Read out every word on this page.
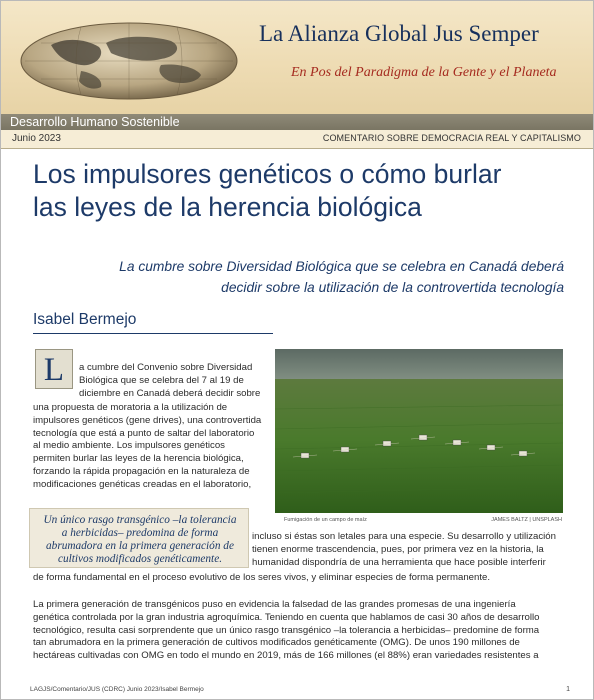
La Alianza Global Jus Semper
En Pos del Paradigma de la Gente y el Planeta
Desarrollo Humano Sostenible
Junio 2023	COMENTARIO SOBRE DEMOCRACIA REAL Y CAPITALISMO
Los impulsores genéticos o cómo burlar
las leyes de la herencia biológica

La cumbre sobre Diversidad Biológica que se celebra en Canadá deberá
decidir sobre la utilización de la controvertida tecnología

Isabel Bermejo
L	a cumbre del Convenio sobre Diversidad
Biológica que se celebra del 7 al 19 de
diciembre en Canadá deberá decidir sobre
una propuesta de moratoria a la utilización de
impulsores genéticos (gene drives), una controvertida
tecnología que está a punto de saltar del laboratorio
al medio ambiente. Los impulsores genéticos
permiten burlar las leyes de la herencia biológica,
forzando la rápida propagación en la naturaleza de
modificaciones genéticas creadas en el laboratorio,
Fumigación de un campo de maíz	JAMES BALTZ | UNSPLASH
Un único rasgo transgénico –la tolerancia
a herbicidas– predomina de forma
abrumadora en la primera generación de
cultivos modificados genéticamente.
incluso si éstas son letales para una especie. Su desarrollo y utilización
tienen enorme trascendencia, pues, por primera vez en la historia, la
humanidad dispondría de una herramienta que hace posible interferir
de forma fundamental en el proceso evolutivo de los seres vivos, y eliminar especies de forma permanente.
La primera generación de transgénicos puso en evidencia la falsedad de las grandes promesas de una ingeniería
genética controlada por la gran industria agroquímica. Teniendo en cuenta que hablamos de casi 30 años de desarrollo
tecnológico, resulta casi sorprendente que un único rasgo transgénico –la tolerancia a herbicidas– predomine de forma
tan abrumadora en la primera generación de cultivos modificados genéticamente (OMG). De unos 190 millones de
hectáreas cultivadas con OMG en todo el mundo en 2019, más de 166 millones (el 88%) eran variedades resistentes a
LAGJS/Comentario/JUS (CDRC) Junio 2023/Isabel Bermejo	1
